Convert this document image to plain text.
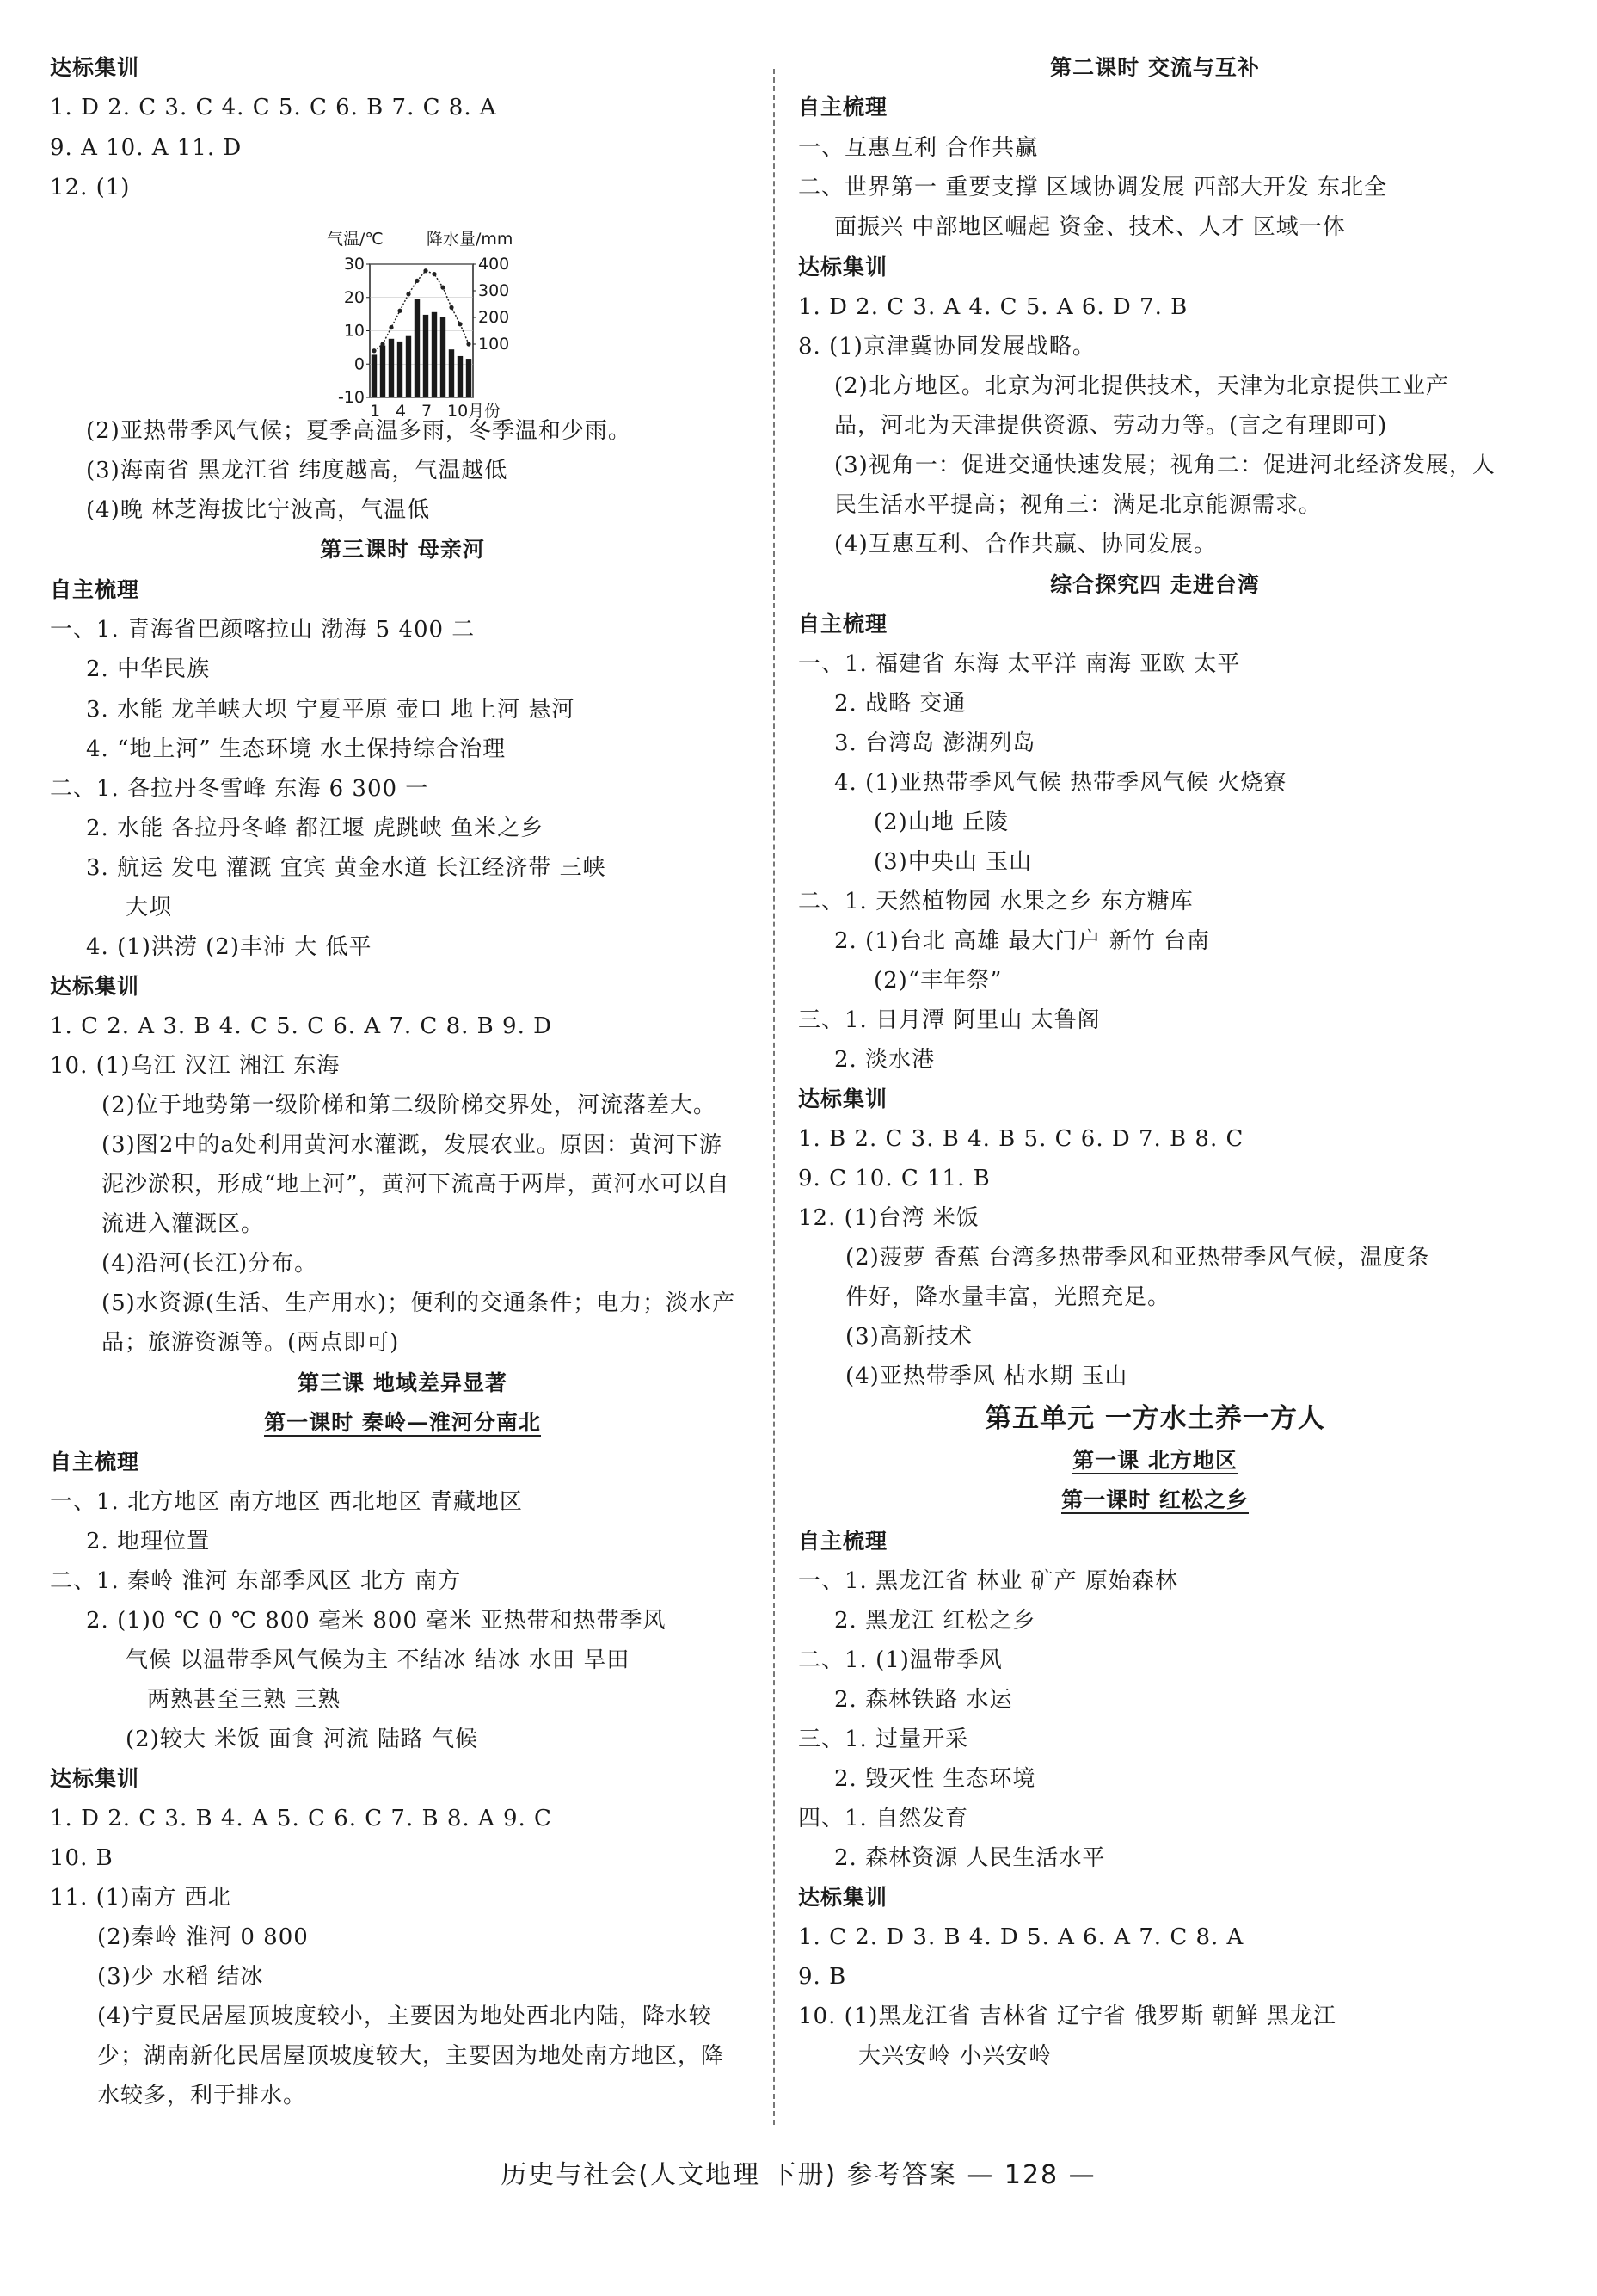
达标集训
1. D 2. C 3. C 4. C 5. C 6. B 7. C 8. A
9. A 10. A 11. D
12. (1)
(2)亚热带季风气候；夏季高温多雨，冬季温和少雨。
(3)海南省 黑龙江省 纬度越高，气温越低
(4)晚 林芝海拔比宁波高，气温低
第三课时 母亲河
自主梳理
一、1. 青海省巴颜喀拉山 渤海 5 400 二
2. 中华民族
3. 水能 龙羊峡大坝 宁夏平原 壶口 地上河 悬河
4. “地上河” 生态环境 水土保持综合治理
二、1. 各拉丹冬雪峰 东海 6 300 一
2. 水能 各拉丹冬峰 都江堰 虎跳峡 鱼米之乡
3. 航运 发电 灌溉 宜宾 黄金水道 长江经济带 三峡
大坝
4. (1)洪涝 (2)丰沛 大 低平
达标集训
1. C 2. A 3. B 4. C 5. C 6. A 7. C 8. B 9. D
10. (1)乌江 汉江 湘江 东海
(2)位于地势第一级阶梯和第二级阶梯交界处，河流落差大。
(3)图2中的a处利用黄河水灌溉，发展农业。原因：黄河下游
泥沙淤积，形成“地上河”，黄河下流高于两岸，黄河水可以自
流进入灌溉区。
(4)沿河(长江)分布。
(5)水资源(生活、生产用水)；便利的交通条件；电力；淡水产
品；旅游资源等。(两点即可)
第三课 地域差异显著
第一课时 秦岭—淮河分南北
自主梳理
一、1. 北方地区 南方地区 西北地区 青藏地区
2. 地理位置
二、1. 秦岭 淮河 东部季风区 北方 南方
2. (1)0 ℃ 0 ℃ 800 毫米 800 毫米 亚热带和热带季风
气候 以温带季风气候为主 不结冰 结冰 水田 旱田
两熟甚至三熟 三熟
(2)较大 米饭 面食 河流 陆路 气候
达标集训
1. D 2. C 3. B 4. A 5. C 6. C 7. B 8. A 9. C
10. B
11. (1)南方 西北
(2)秦岭 淮河 0 800
(3)少 水稻 结冰
(4)宁夏民居屋顶坡度较小，主要因为地处西北内陆，降水较
少；湖南新化民居屋顶坡度较大，主要因为地处南方地区，降
水较多，利于排水。
第二课时 交流与互补
自主梳理
一、互惠互利 合作共赢
二、世界第一 重要支撑 区域协调发展 西部大开发 东北全
面振兴 中部地区崛起 资金、技术、人才 区域一体
达标集训
1. D 2. C 3. A 4. C 5. A 6. D 7. B
8. (1)京津冀协同发展战略。
(2)北方地区。北京为河北提供技术，天津为北京提供工业产
品，河北为天津提供资源、劳动力等。(言之有理即可)
(3)视角一：促进交通快速发展；视角二：促进河北经济发展，人
民生活水平提高；视角三：满足北京能源需求。
(4)互惠互利、合作共赢、协同发展。
综合探究四 走进台湾
自主梳理
一、1. 福建省 东海 太平洋 南海 亚欧 太平
2. 战略 交通
3. 台湾岛 澎湖列岛
4. (1)亚热带季风气候 热带季风气候 火烧寮
(2)山地 丘陵
(3)中央山 玉山
二、1. 天然植物园 水果之乡 东方糖库
2. (1)台北 高雄 最大门户 新竹 台南
(2)“丰年祭”
三、1. 日月潭 阿里山 太鲁阁
2. 淡水港
达标集训
1. B 2. C 3. B 4. B 5. C 6. D 7. B 8. C
9. C 10. C 11. B
12. (1)台湾 米饭
(2)菠萝 香蕉 台湾多热带季风和亚热带季风气候，温度条
件好，降水量丰富，光照充足。
(3)高新技术
(4)亚热带季风 枯水期 玉山
第五单元 一方水土养一方人
第一课 北方地区
第一课时 红松之乡
自主梳理
一、1. 黑龙江省 林业 矿产 原始森林
2. 黑龙江 红松之乡
二、1. (1)温带季风
2. 森林铁路 水运
三、1. 过量开采
2. 毁灭性 生态环境
四、1. 自然发育
2. 森林资源 人民生活水平
达标集训
1. C 2. D 3. B 4. D 5. A 6. A 7. C 8. A
9. B
10. (1)黑龙江省 吉林省 辽宁省 俄罗斯 朝鲜 黑龙江
大兴安岭 小兴安岭
气温/℃	降水量/mm
30
20
10
0
-10
400
300
200
100
1 4 7 10月份
历史与社会(人文地理 下册) 参考答案 — 128 —
